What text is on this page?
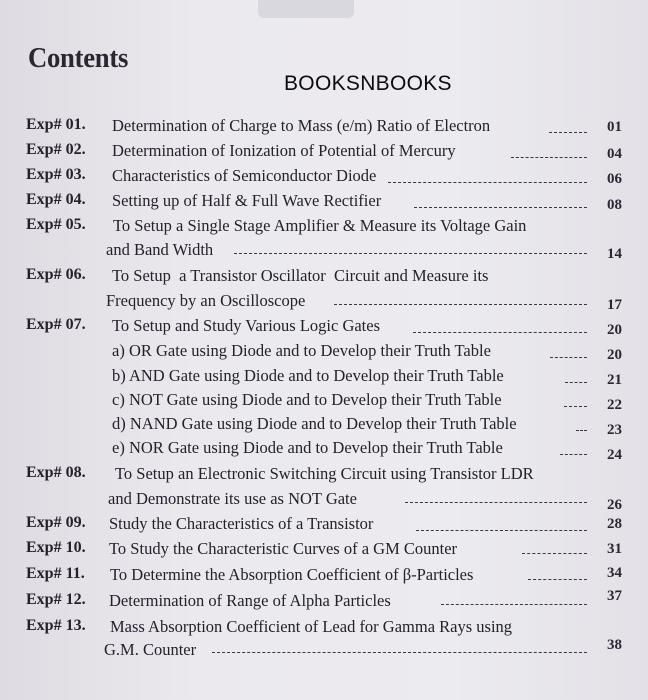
Contents
BOOKSNBOOKS
Exp# 01. Determination of Charge to Mass (e/m) Ratio of Electron	01
Exp# 02. Determination of Ionization of Potential of Mercury	04
Exp# 03. Characteristics of Semiconductor Diode	06
Exp# 04. Setting up of Half & Full Wave Rectifier	08
Exp# 05. To Setup a Single Stage Amplifier & Measure its Voltage Gain
and Band Width	14
Exp# 06. To Setup  a Transistor Oscillator  Circuit and Measure its
Frequency by an Oscilloscope	17
Exp# 07. To Setup and Study Various Logic Gates	20
a) OR Gate using Diode and to Develop their Truth Table	20
b) AND Gate using Diode and to Develop their Truth Table	21
c) NOT Gate using Diode and to Develop their Truth Table	22
d) NAND Gate using Diode and to Develop their Truth Table	23
e) NOR Gate using Diode and to Develop their Truth Table	24
Exp# 08. To Setup an Electronic Switching Circuit using Transistor LDR
and Demonstrate its use as NOT Gate	26
Exp# 09. Study the Characteristics of a Transistor	28
Exp# 10. To Study the Characteristic Curves of a GM Counter	31
Exp# 11. To Determine the Absorption Coefficient of β-Particles	34
Exp# 12. Determination of Range of Alpha Particles	37
Exp# 13. Mass Absorption Coefficient of Lead for Gamma Rays using
G.M. Counter	38
